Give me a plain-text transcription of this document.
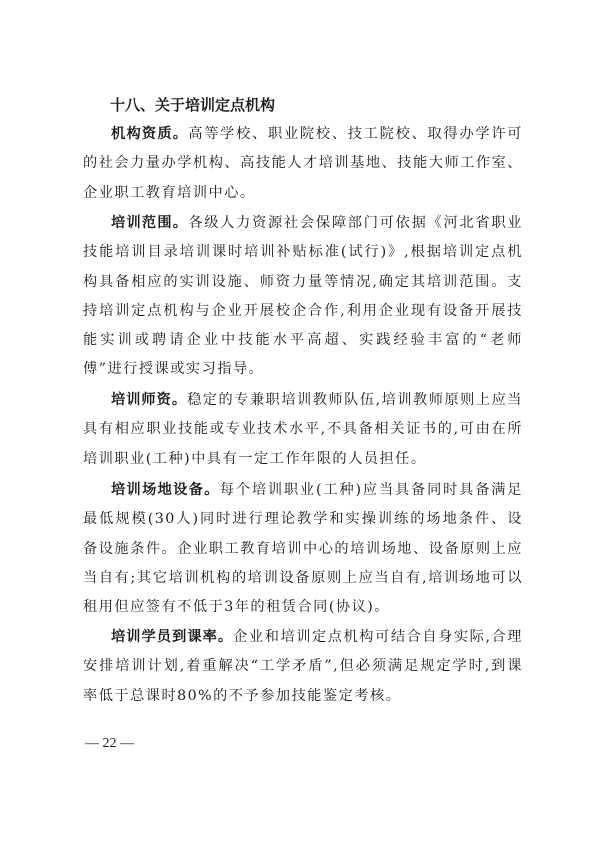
十八、关于培训定点机构

机构资质。高等学校、职业院校、技工院校、取得办学许可的社会力量办学机构、高技能人才培训基地、技能大师工作室、企业职工教育培训中心。

培训范围。各级人力资源社会保障部门可依据《河北省职业技能培训目录培训课时培训补贴标准(试行)》,根据培训定点机构具备相应的实训设施、师资力量等情况,确定其培训范围。支持培训定点机构与企业开展校企合作,利用企业现有设备开展技能实训或聘请企业中技能水平高超、实践经验丰富的“老师傅”进行授课或实习指导。

培训师资。稳定的专兼职培训教师队伍,培训教师原则上应当具有相应职业技能或专业技术水平,不具备相关证书的,可由在所培训职业(工种)中具有一定工作年限的人员担任。

培训场地设备。每个培训职业(工种)应当具备同时具备满足最低规模(30人)同时进行理论教学和实操训练的场地条件、设备设施条件。企业职工教育培训中心的培训场地、设备原则上应当自有;其它培训机构的培训设备原则上应当自有,培训场地可以租用但应签有不低于3年的租赁合同(协议)。

培训学员到课率。企业和培训定点机构可结合自身实际,合理安排培训计划,着重解决“工学矛盾”,但必须满足规定学时,到课率低于总课时80%的不予参加技能鉴定考核。

— 22 —
